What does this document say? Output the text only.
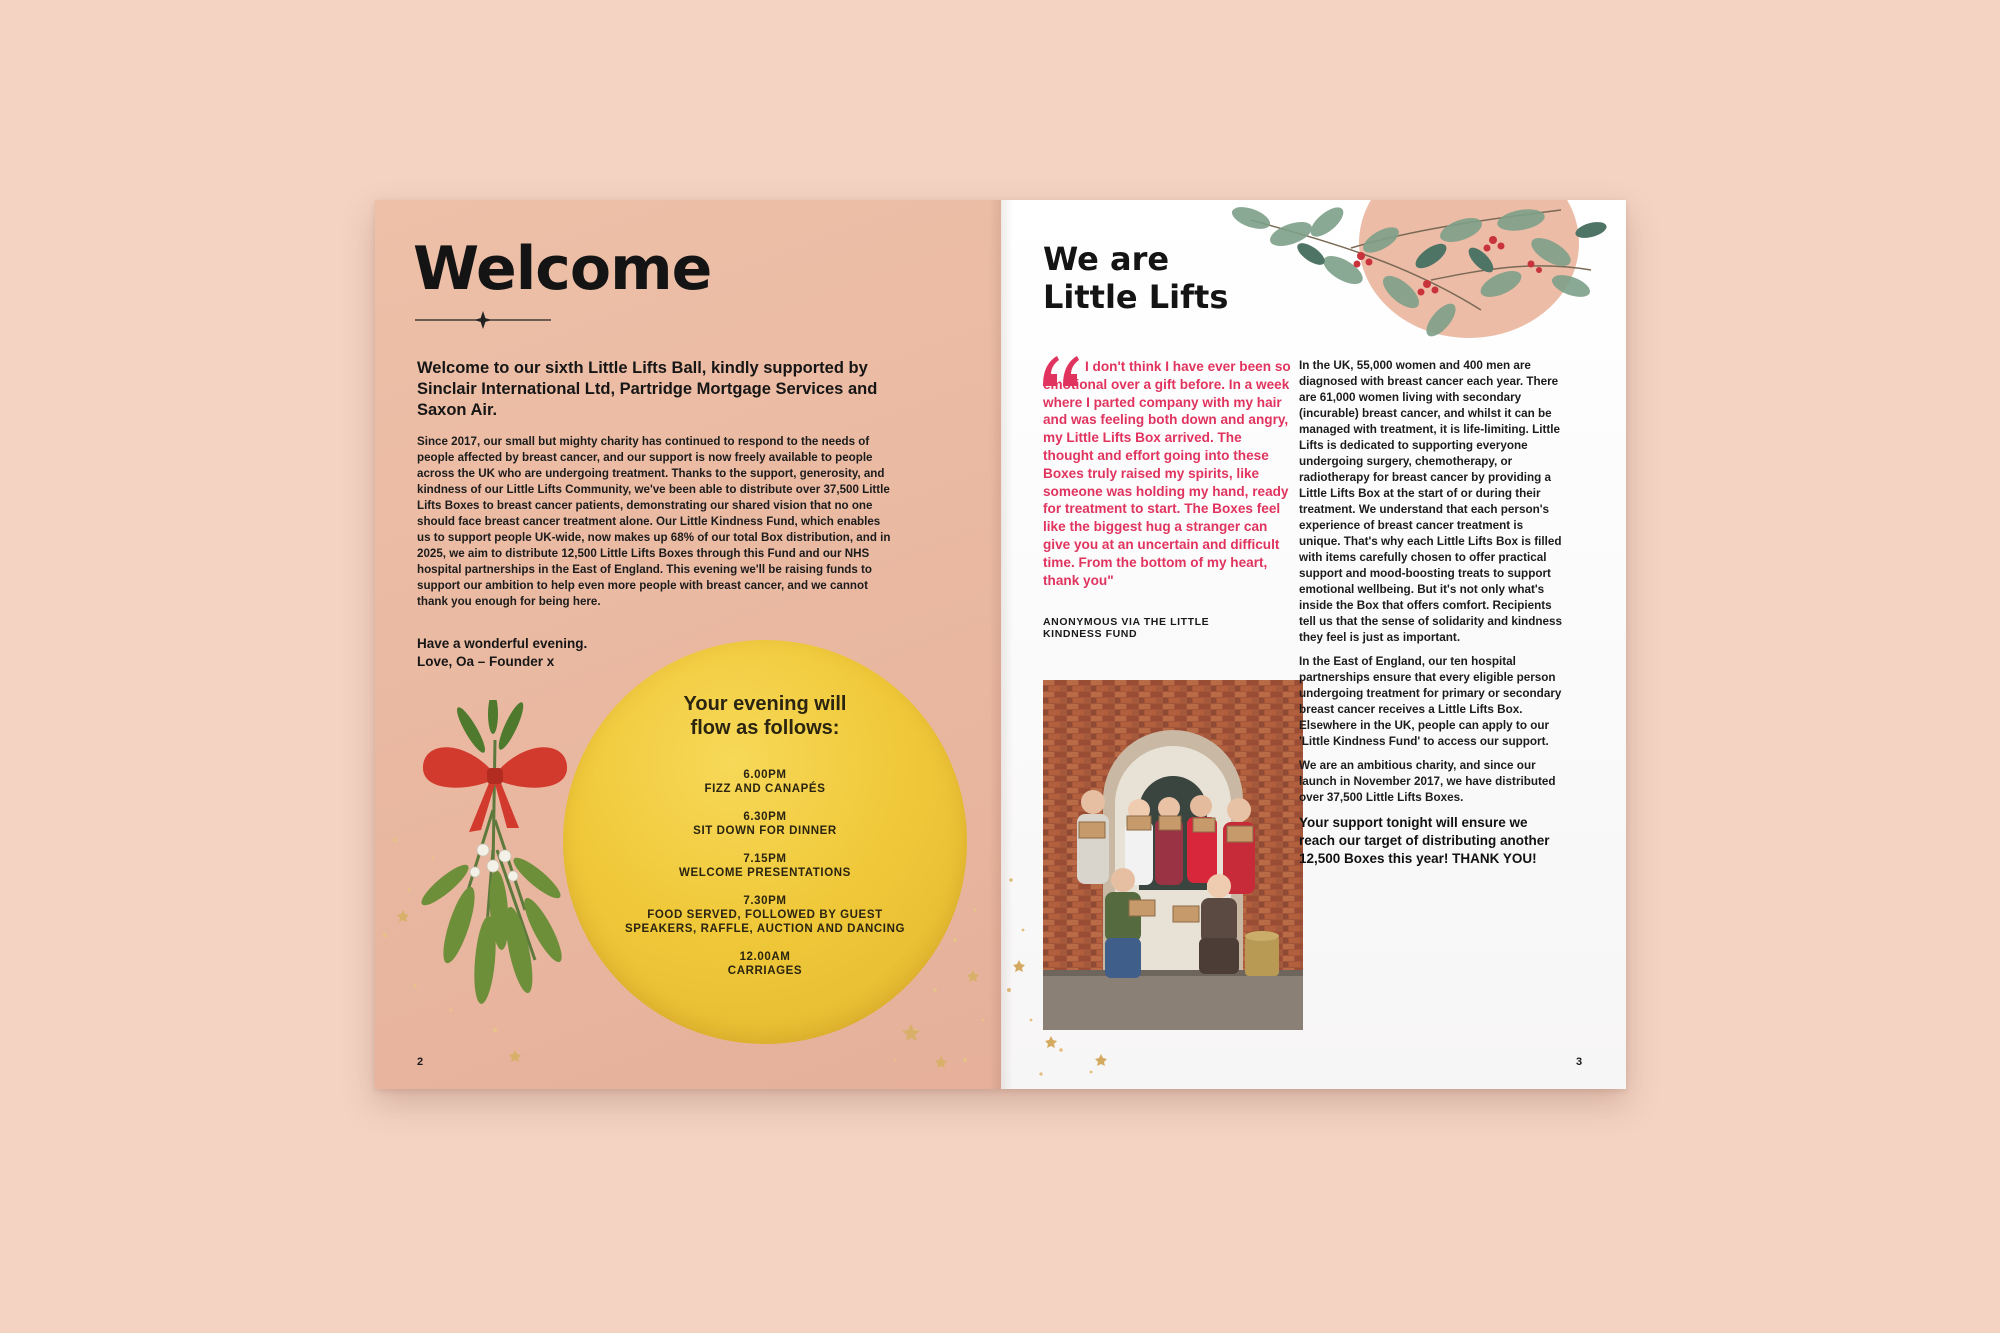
Welcome

Welcome to our sixth Little Lifts Ball, kindly supported by Sinclair International Ltd, Partridge Mortgage Services and Saxon Air.

Since 2017, our small but mighty charity has continued to respond to the needs of people affected by breast cancer, and our support is now freely available to people across the UK who are undergoing treatment. Thanks to the support, generosity, and kindness of our Little Lifts Community, we've been able to distribute over 37,500 Little Lifts Boxes to breast cancer patients, demonstrating our shared vision that no one should face breast cancer treatment alone. Our Little Kindness Fund, which enables us to support people UK-wide, now makes up 68% of our total Box distribution, and in 2025, we aim to distribute 12,500 Little Lifts Boxes through this Fund and our NHS hospital partnerships in the East of England. This evening we'll be raising funds to support our ambition to help even more people with breast cancer, and we cannot thank you enough for being here.

Have a wonderful evening.
Love, Oa – Founder x
Your evening will
flow as follows:
6.00PM
FIZZ AND CANAPÉS
6.30PM
SIT DOWN FOR DINNER
7.15PM
WELCOME PRESENTATIONS
7.30PM
FOOD SERVED, FOLLOWED BY GUEST SPEAKERS, RAFFLE, AUCTION AND DANCING
12.00AM
CARRIAGES
2
We are
Little Lifts

I don't think I have ever been so emotional over a gift before. In a week where I parted company with my hair and was feeling both down and angry, my Little Lifts Box arrived. The thought and effort going into these Boxes truly raised my spirits, like someone was holding my hand, ready for treatment to start. The Boxes feel like the biggest hug a stranger can give you at an uncertain and difficult time. From the bottom of my heart, thank you"

ANONYMOUS VIA THE LITTLE KINDNESS FUND

In the UK, 55,000 women and 400 men are diagnosed with breast cancer each year. There are 61,000 women living with secondary (incurable) breast cancer, and whilst it can be managed with treatment, it is life-limiting. Little Lifts is dedicated to supporting everyone undergoing surgery, chemotherapy, or radiotherapy for breast cancer by providing a Little Lifts Box at the start of or during their treatment. We understand that each person's experience of breast cancer treatment is unique. That's why each Little Lifts Box is filled with items carefully chosen to offer practical support and mood-boosting treats to support emotional wellbeing. But it's not only what's inside the Box that offers comfort. Recipients tell us that the sense of solidarity and kindness they feel is just as important.

In the East of England, our ten hospital partnerships ensure that every eligible person undergoing treatment for primary or secondary breast cancer receives a Little Lifts Box. Elsewhere in the UK, people can apply to our 'Little Kindness Fund' to access our support.

We are an ambitious charity, and since our launch in November 2017, we have distributed over 37,500 Little Lifts Boxes.

Your support tonight will ensure we reach our target of distributing another 12,500 Boxes this year! THANK YOU!

3
